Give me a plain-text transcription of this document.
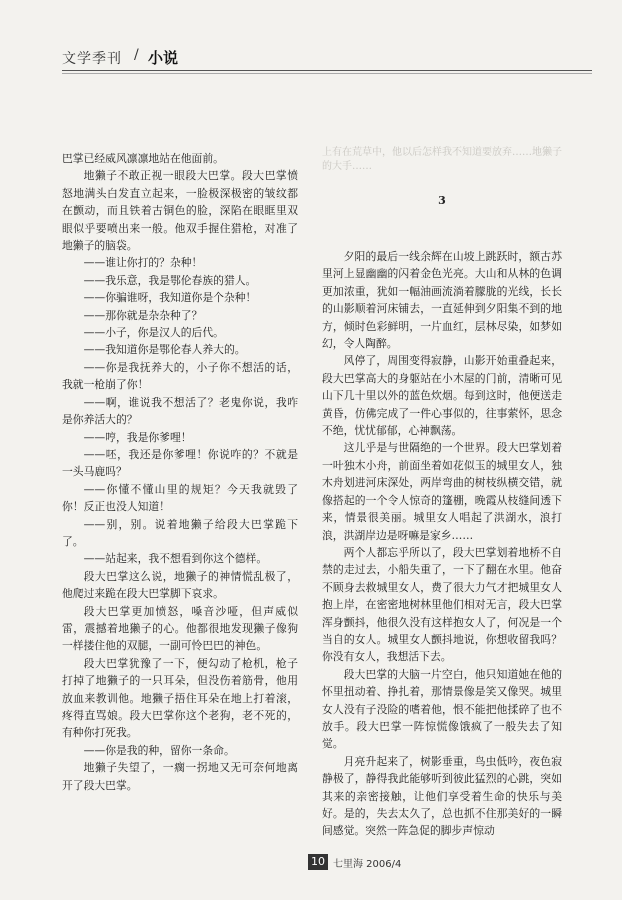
文学季刊 / 小说

巴掌已经威风凛凛地站在他面前。

地獭子不敢正视一眼段大巴掌。段大巴掌愤怒地满头白发直立起来，一脸极深极密的皱纹都在颤动，而且铁着古铜色的脸，深陷在眼眶里双眼似乎要喷出来一般。他双手握住猎枪，对准了地獭子的脑袋。

——谁让你打的？杂种！

——我乐意，我是鄂伦春族的猎人。

——你骗谁呀，我知道你是个杂种！

——那你就是杂杂种了？

——小子，你是汉人的后代。

——我知道你是鄂伦春人养大的。

——你是我抚养大的，小子你不想活的话，我就一枪崩了你！

——啊，谁说我不想活了？老鬼你说，我咋是你养活大的？

——哼，我是你爹哩！

——呸，我还是你爹哩！你说咋的？不就是一头马鹿吗？

——你懂不懂山里的规矩？今天我就毁了你！反正也没人知道！

——别，别。说着地獭子给段大巴掌跪下了。

——站起来，我不想看到你这个德样。

段大巴掌这么说，地獭子的神情慌乱极了，他爬过来跪在段大巴掌脚下哀求。

段大巴掌更加愤怒，嗓音沙哑，但声威似雷，震撼着地獭子的心。他都很地发现獭子像狗一样搂住他的双腿，一副可怜巴巴的神色。

段大巴掌犹豫了一下，便勾动了枪机，枪子打掉了地獭子的一只耳朵，但没伤着筋骨，他用放血来教训他。地獭子捂住耳朵在地上打着滚，疼得直骂娘。段大巴掌你这个老狗，老不死的，有种你打死我。

——你是我的种，留你一条命。

地獭子失望了，一瘸一拐地又无可奈何地离开了段大巴掌。

上有在荒草中，他以后怎样我不知道要放弃……地獭子的大手……
3

夕阳的最后一线余辉在山坡上跳跃时，额古苏里河上显幽幽的闪着金色光亮。大山和从林的色调更加浓重，犹如一幅油画流淌着朦胧的光线，长长的山影顺着河床铺去，一直延伸到夕阳集不到的地方，倾时色彩鲜明，一片血红，层林尽染，如梦如幻，令人陶醉。

风停了，周围变得寂静，山影开始重叠起来，段大巴掌高大的身躯站在小木屋的门前，清晰可见山下几十里以外的蓝色炊烟。每到这时，他便送走黄昏，仿佛完成了一件心事似的，往事萦怀，思念不绝，忧忧郁郁，心神飘荡。

这儿乎是与世隔绝的一个世界。段大巴掌划着一叶独木小舟，前面坐着如花似玉的城里女人，独木舟划进河床深处，两岸弯曲的树枝纵横交错，就像搭起的一个令人惊奇的篷棚，晚霞从枝缝间透下来，情景很美丽。城里女人唱起了洪湖水，浪打浪，洪湖岸边是呀嘛是家乡……

两个人都忘乎所以了，段大巴掌划着地桥不自禁的走过去，小船失重了，一下了翻在水里。他奋不顾身去救城里女人，费了很大力气才把城里女人抱上岸，在密密地树林里他们相对无言，段大巴掌浑身颤抖，他很久没有这样抱女人了，何况是一个当自的女人。城里女人颤抖地说，你想收留我吗？你没有女人，我想活下去。

段大巴掌的大脑一片空白，他只知道她在他的怀里扭动着、挣扎着，那情景像是笑又像哭。城里女人没有子没险的嗜着他，恨不能把他揉碎了也不放手。段大巴掌一阵惊慌像饿疯了一般失去了知觉。

月亮升起来了，树影垂重，鸟虫低吟，夜色寂静极了，静得我此能够听到彼此猛烈的心跳，突如其来的亲密接触，让他们享受着生命的快乐与美好。是的，失去太久了，总也抓不住那美好的一瞬间感觉。突然一阵急促的脚步声惊动

10 七里海 2006/4
